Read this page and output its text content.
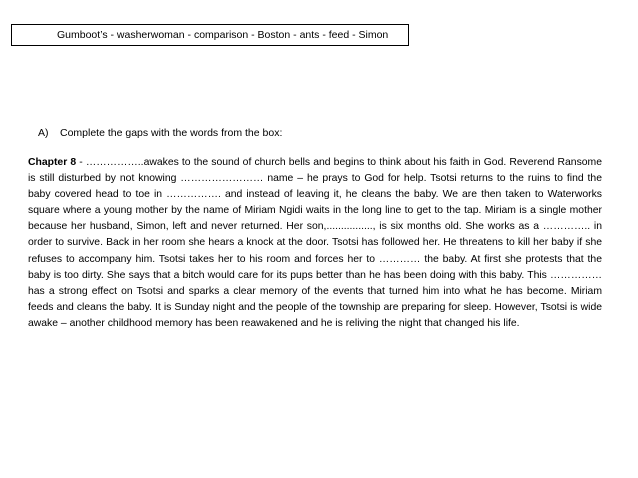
Gumboot’s - washerwoman - comparison - Boston - ants - feed - Simon
A) Complete the gaps with the words from the box:

Chapter 8 - ……………..awakes to the sound of church bells and begins to think about his faith in God. Reverend Ransome is still disturbed by not knowing …………………… name – he prays to God for help. Tsotsi returns to the ruins to find the baby covered head to toe in ……………. and instead of leaving it, he cleans the baby. We are then taken to Waterworks square where a young mother by the name of Miriam Ngidi waits in the long line to get to the tap. Miriam is a single mother because her husband, Simon, left and never returned. Her son,................, is six months old. She works as a ………….. in order to survive. Back in her room she hears a knock at the door. Tsotsi has followed her. He threatens to kill her baby if she refuses to accompany him. Tsotsi takes her to his room and forces her to ………… the baby. At first she protests that the baby is too dirty. She says that a bitch would care for its pups better than he has been doing with this baby. This …………… has a strong effect on Tsotsi and sparks a clear memory of the events that turned him into what he has become. Miriam feeds and cleans the baby. It is Sunday night and the people of the township are preparing for sleep. However, Tsotsi is wide awake – another childhood memory has been reawakened and he is reliving the night that changed his life.
